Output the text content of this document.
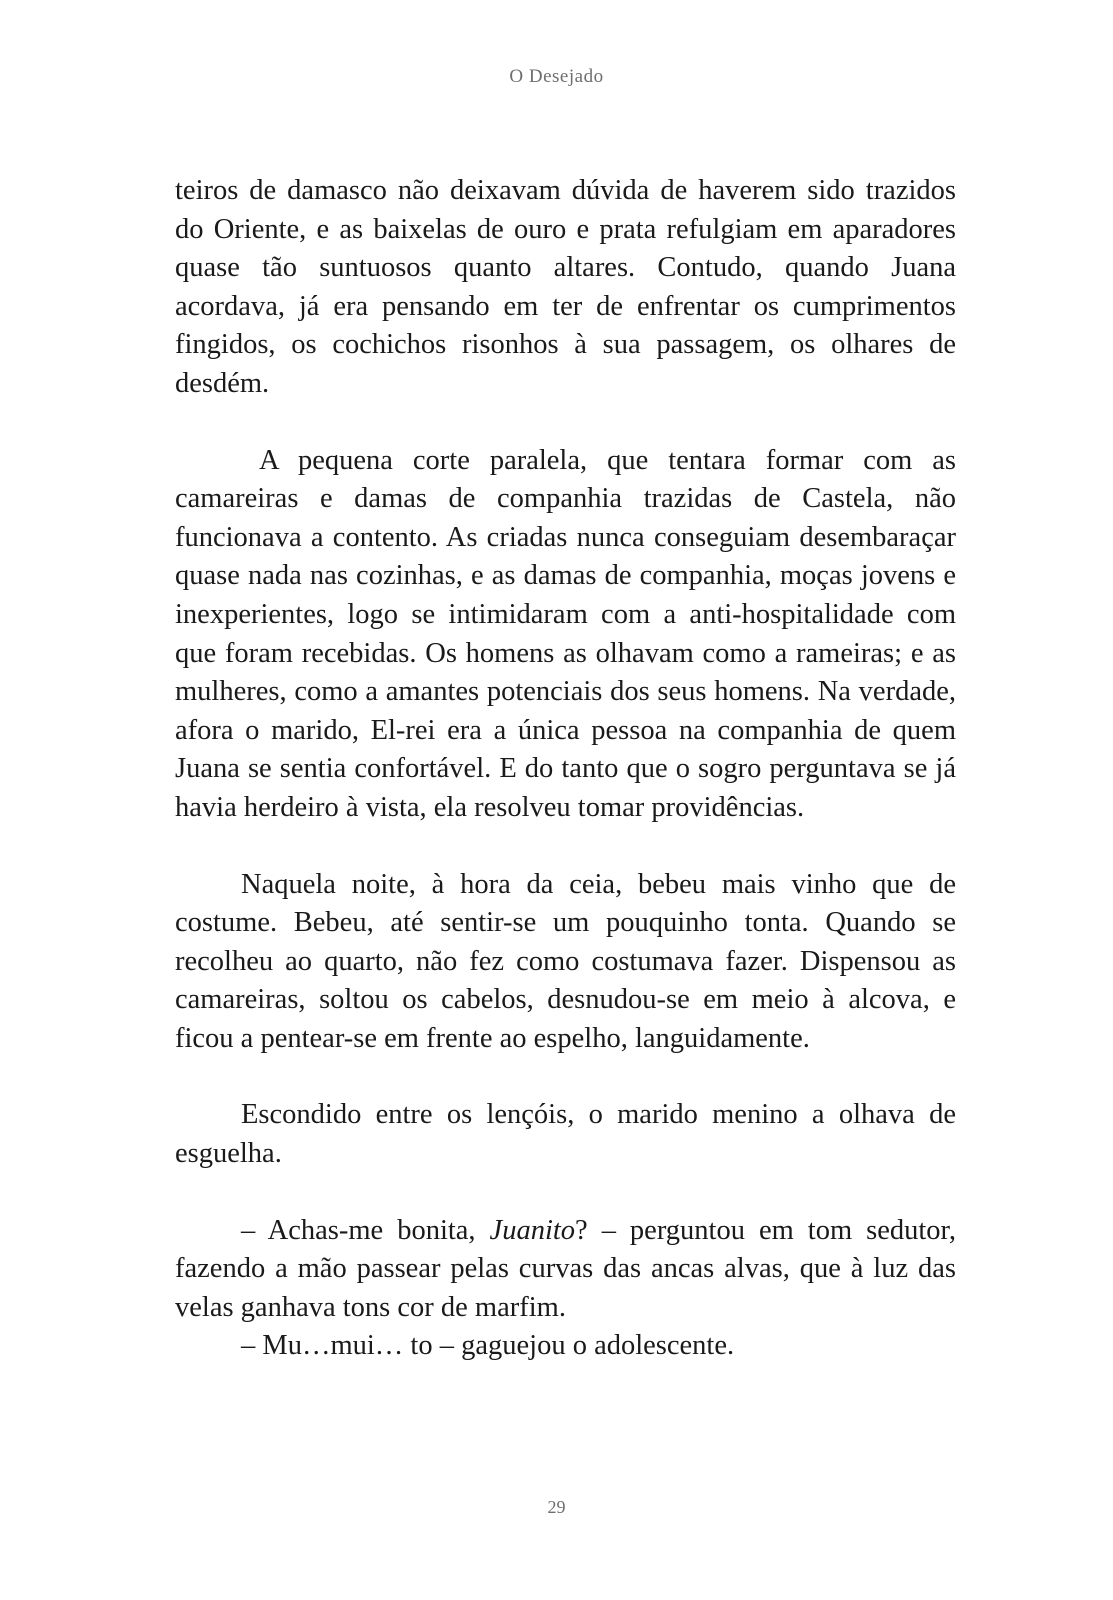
O Desejado

teiros de damasco não deixavam dúvida de haverem sido trazidos do Oriente, e as baixelas de ouro e prata refulgiam em aparadores quase tão suntuosos quanto altares. Contudo, quando Juana acordava, já era pensando em ter de enfrentar os cumprimentos fingidos, os cochichos risonhos à sua passagem, os olhares de desdém.

A pequena corte paralela, que tentara formar com as camareiras e damas de companhia trazidas de Castela, não funcionava a contento. As criadas nunca conseguiam desembaraçar quase nada nas cozinhas, e as damas de companhia, moças jovens e inexperientes, logo se intimidaram com a anti-hospitalidade com que foram recebidas. Os homens as olhavam como a rameiras; e as mulheres, como a amantes potenciais dos seus homens. Na verdade, afora o marido, El-rei era a única pessoa na companhia de quem Juana se sentia confortável. E do tanto que o sogro perguntava se já havia herdeiro à vista, ela resolveu tomar providências.

Naquela noite, à hora da ceia, bebeu mais vinho que de costume. Bebeu, até sentir-se um pouquinho tonta. Quando se recolheu ao quarto, não fez como costumava fazer. Dispensou as camareiras, soltou os cabelos, desnudou-se em meio à alcova, e ficou a pentear-se em frente ao espelho, languidamente.

Escondido entre os lençóis, o marido menino a olhava de esguelha.

– Achas-me bonita, Juanito? – perguntou em tom sedutor, fazendo a mão passear pelas curvas das ancas alvas, que à luz das velas ganhava tons cor de marfim.

– Mu…mui… to – gaguejou o adolescente.

29
